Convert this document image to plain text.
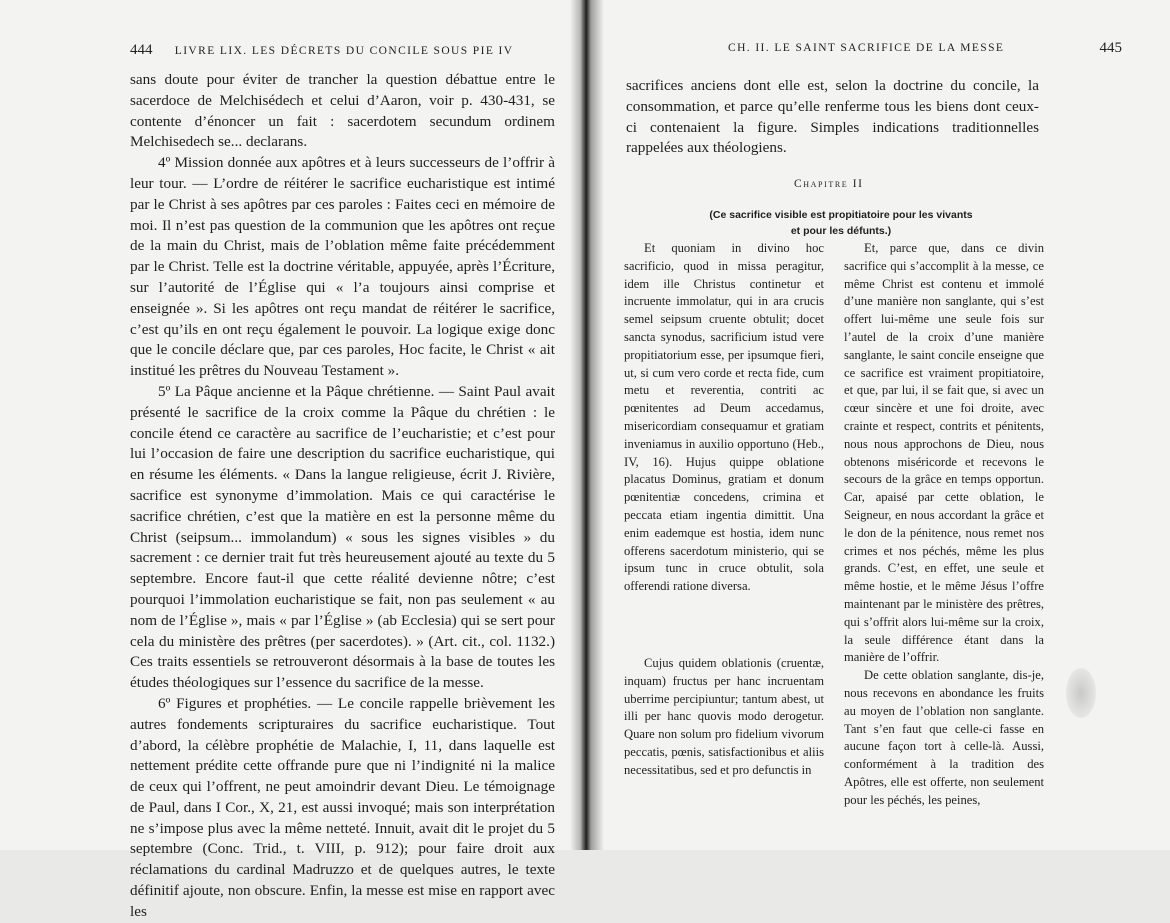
444 LIVRE LIX. LES DÉCRETS DU CONCILE SOUS PIE IV

sans doute pour éviter de trancher la question débattue entre le sacerdoce de Melchisédech et celui d’Aaron, voir p. 430-431, se contente d’énoncer un fait : sacerdotem secundum ordinem Melchisedech se... declarans.

4º Mission donnée aux apôtres et à leurs successeurs de l’offrir à leur tour. — L’ordre de réitérer le sacrifice eucharistique est intimé par le Christ à ses apôtres par ces paroles : Faites ceci en mémoire de moi. Il n’est pas question de la communion que les apôtres ont reçue de la main du Christ, mais de l’oblation même faite précédemment par le Christ. Telle est la doctrine véritable, appuyée, après l’Écriture, sur l’autorité de l’Église qui « l’a toujours ainsi comprise et enseignée ». Si les apôtres ont reçu mandat de réitérer le sacrifice, c’est qu’ils en ont reçu également le pouvoir. La logique exige donc que le concile déclare que, par ces paroles, Hoc facite, le Christ « ait institué les prêtres du Nouveau Testament ».

5º La Pâque ancienne et la Pâque chrétienne. — Saint Paul avait présenté le sacrifice de la croix comme la Pâque du chrétien : le concile étend ce caractère au sacrifice de l’eucharistie; et c’est pour lui l’occasion de faire une description du sacrifice eucharistique, qui en résume les éléments. « Dans la langue religieuse, écrit J. Rivière, sacrifice est synonyme d’immolation. Mais ce qui caractérise le sacrifice chrétien, c’est que la matière en est la personne même du Christ (seipsum... immolandum) « sous les signes visibles » du sacrement : ce dernier trait fut très heureusement ajouté au texte du 5 septembre. Encore faut-il que cette réalité devienne nôtre; c’est pourquoi l’immolation eucharistique se fait, non pas seulement « au nom de l’Église », mais « par l’Église » (ab Ecclesia) qui se sert pour cela du ministère des prêtres (per sacerdotes). » (Art. cit., col. 1132.) Ces traits essentiels se retrouveront désormais à la base de toutes les études théologiques sur l’essence du sacrifice de la messe.

6º Figures et prophéties. — Le concile rappelle brièvement les autres fondements scripturaires du sacrifice eucharistique. Tout d’abord, la célèbre prophétie de Malachie, I, 11, dans laquelle est nettement prédite cette offrande pure que ni l’indignité ni la malice de ceux qui l’offrent, ne peut amoindrir devant Dieu. Le témoignage de Paul, dans I Cor., X, 21, est aussi invoqué; mais son interprétation ne s’impose plus avec la même netteté. Innuit, avait dit le projet du 5 septembre (Conc. Trid., t. VIII, p. 912); pour faire droit aux réclamations du cardinal Madruzzo et de quelques autres, le texte définitif ajoute, non obscure. Enfin, la messe est mise en rapport avec les

CH. II. LE SAINT SACRIFICE DE LA MESSE	445

sacrifices anciens dont elle est, selon la doctrine du concile, la consommation, et parce qu’elle renferme tous les biens dont ceux-ci contenaient la figure. Simples indications traditionnelles rappelées aux théologiens.

Chapitre II
(Ce sacrifice visible est propitiatoire pour les vivants
et pour les défunts.)

Et quoniam in divino hoc sacrificio, quod in missa peragitur, idem ille Christus continetur et incruente immolatur, qui in ara crucis semel seipsum cruente obtulit; docet sancta synodus, sacrificium istud vere propitiatorium esse, per ipsumque fieri, ut, si cum vero corde et recta fide, cum metu et reverentia, contriti ac pœnitentes ad Deum accedamus, misericordiam consequamur et gratiam inveniamus in auxilio opportuno (Heb., IV, 16). Hujus quippe oblatione placatus Dominus, gratiam et donum pœnitentiæ concedens, crimina et peccata etiam ingentia dimittit. Una enim eademque est hostia, idem nunc offerens sacerdotum ministerio, qui se ipsum tunc in cruce obtulit, sola offerendi ratione diversa.

Cujus quidem oblationis (cruentæ, inquam) fructus per hanc incruentam uberrime percipiuntur; tantum abest, ut illi per hanc quovis modo derogetur. Quare non solum pro fidelium vivorum peccatis, pœnis, satisfactionibus et aliis necessitatibus, sed et pro defunctis in

Et, parce que, dans ce divin sacrifice qui s’accomplit à la messe, ce même Christ est contenu et immolé d’une manière non sanglante, qui s’est offert lui-même une seule fois sur l’autel de la croix d’une manière sanglante, le saint concile enseigne que ce sacrifice est vraiment propitiatoire, et que, par lui, il se fait que, si avec un cœur sincère et une foi droite, avec crainte et respect, contrits et pénitents, nous nous approchons de Dieu, nous obtenons miséricorde et recevons le secours de la grâce en temps opportun. Car, apaisé par cette oblation, le Seigneur, en nous accordant la grâce et le don de la pénitence, nous remet nos crimes et nos péchés, même les plus grands. C’est, en effet, une seule et même hostie, et le même Jésus l’offre maintenant par le ministère des prêtres, qui s’offrit alors lui-même sur la croix, la seule différence étant dans la manière de l’offrir.

De cette oblation sanglante, dis-je, nous recevons en abondance les fruits au moyen de l’oblation non sanglante. Tant s’en faut que celle-ci fasse en aucune façon tort à celle-là. Aussi, conformément à la tradition des Apôtres, elle est offerte, non seulement pour les péchés, les peines,
